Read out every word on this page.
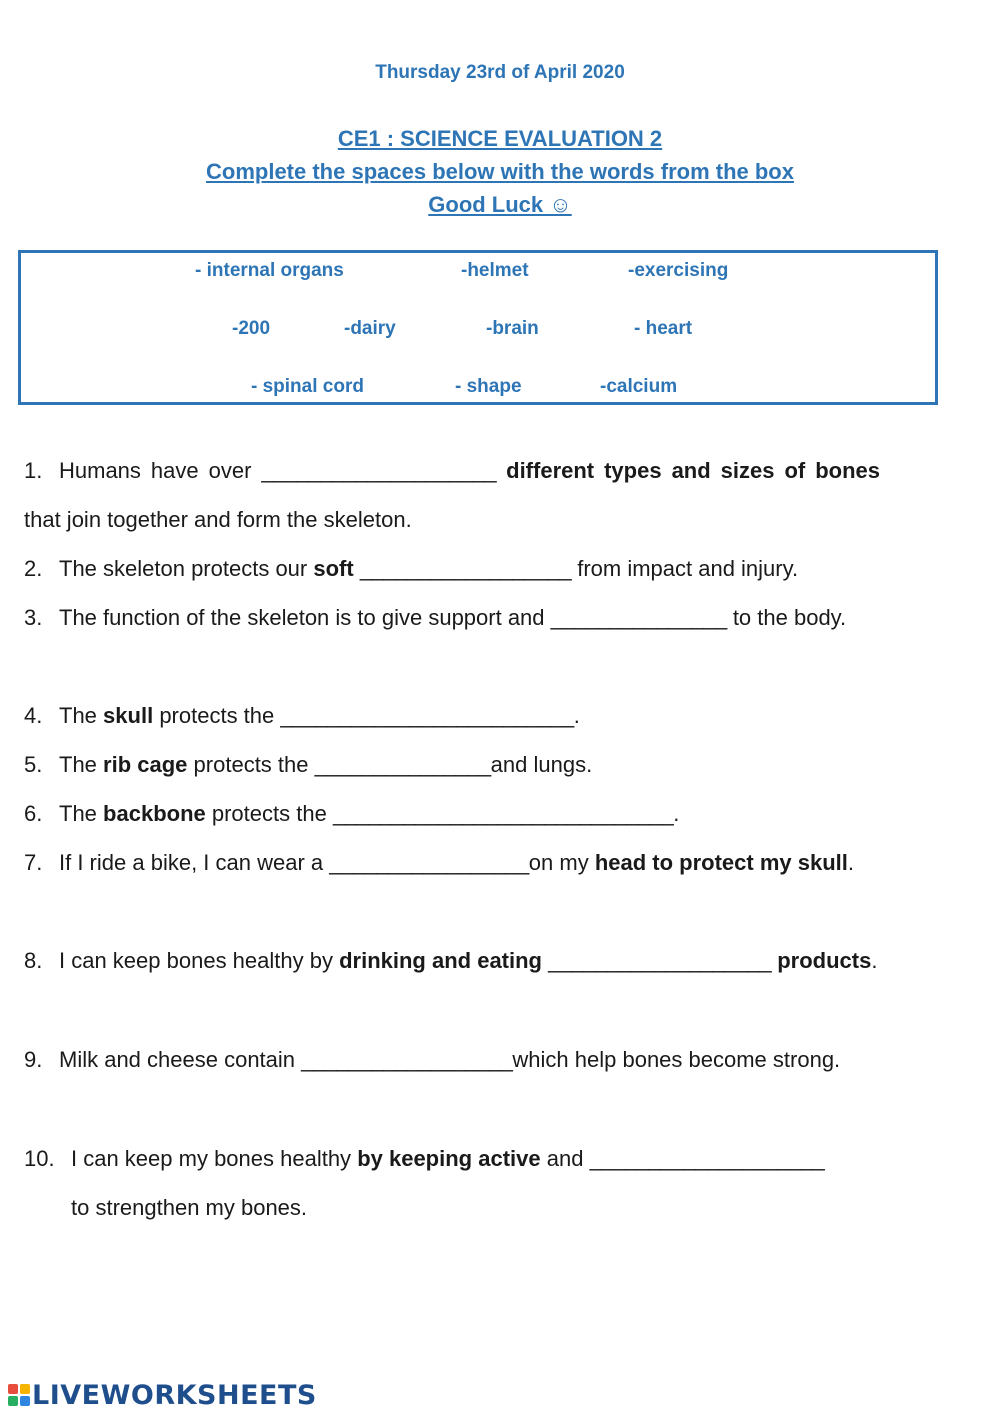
Thursday 23rd of April 2020
CE1 : SCIENCE EVALUATION 2
Complete the spaces below with the words from the box
Good Luck ☺
- internal organs	-helmet	-exercising
-200	-dairy	-brain	- heart
- spinal cord	- shape	-calcium
1. Humans have over ____________________ different types and sizes of bones that join together and form the skeleton.
2. The skeleton protects our soft __________________ from impact and injury.
3. The function of the skeleton is to give support and _______________ to the body.
4. The skull protects the _________________________.
5. The rib cage protects the _______________and lungs.
6. The backbone protects the _____________________________.
7. If I ride a bike, I can wear a _________________on my head to protect my skull.
8. I can keep bones healthy by drinking and eating ___________________ products.
9. Milk and cheese contain __________________which help bones become strong.
10. I can keep my bones healthy by keeping active and ____________________
to strengthen my bones.
LIVEWORKSHEETS
